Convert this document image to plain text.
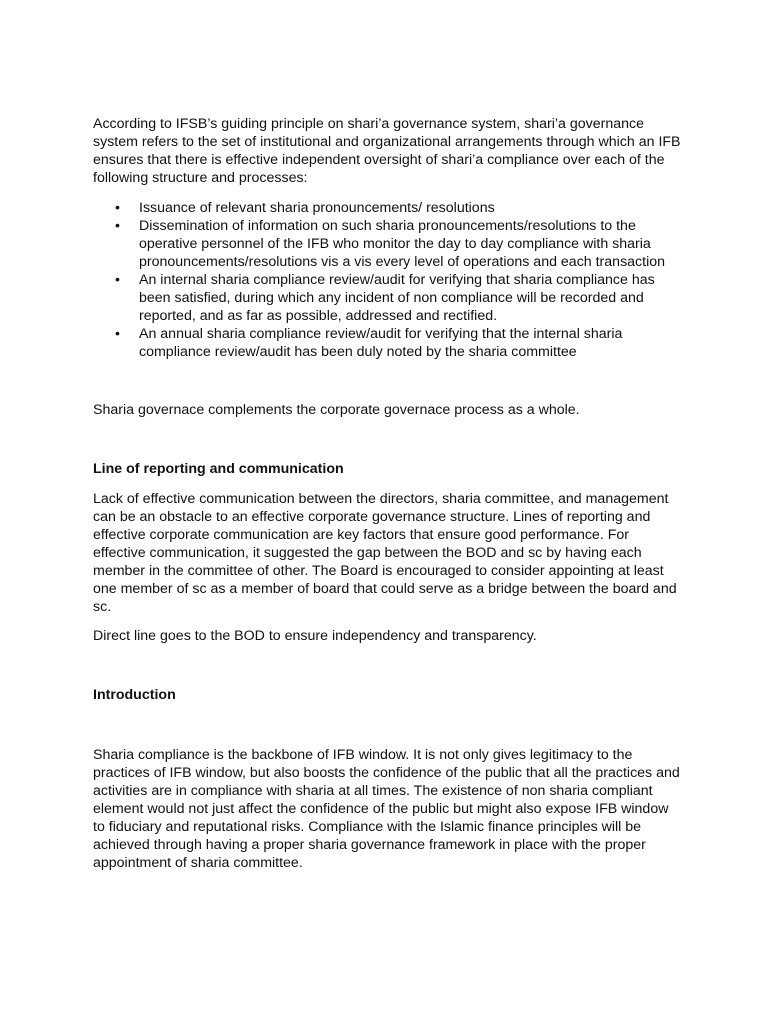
According to IFSB’s guiding principle on shari’a governance system, shari’a governance system refers to the set of institutional and organizational arrangements through which an IFB ensures that there is effective independent oversight of shari’a compliance over each of the following structure and processes:

• Issuance of relevant sharia pronouncements/ resolutions
• Dissemination of information on such sharia pronouncements/resolutions to the operative personnel of the IFB who monitor the day to day compliance with sharia pronouncements/resolutions vis a vis every level of operations and each transaction
• An internal sharia compliance review/audit for verifying that sharia compliance has been satisfied, during which any incident of non compliance will be recorded and reported, and as far as possible, addressed and rectified.
• An annual sharia compliance review/audit for verifying that the internal sharia compliance review/audit has been duly noted by the sharia committee

Sharia governace complements the corporate governace process as a whole.

Line of reporting and communication

Lack of effective communication between the directors, sharia committee, and management can be an obstacle to an effective corporate governance structure. Lines of reporting and effective corporate communication are key factors that ensure good performance. For effective communication, it suggested the gap between the BOD and sc by having each member in the committee of other. The Board is encouraged to consider appointing at least one member of sc as a member of board that could serve as a bridge between the board and sc.

Direct line goes to the BOD to ensure independency and transparency.

Introduction

Sharia compliance is the backbone of IFB window. It is not only gives legitimacy to the practices of IFB window, but also boosts the confidence of the public that all the practices and activities are in compliance with sharia at all times. The existence of non sharia compliant element would not just affect the confidence of the public but might also expose IFB window to fiduciary and reputational risks. Compliance with the Islamic finance principles will be achieved through having a proper sharia governance framework in place with the proper appointment of sharia committee.
